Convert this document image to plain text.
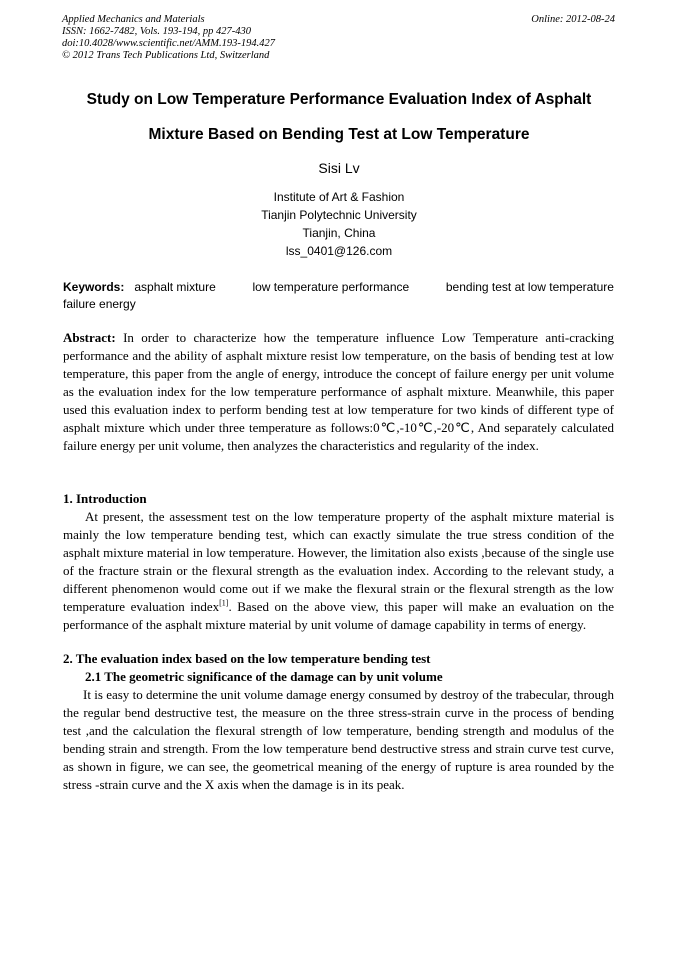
Applied Mechanics and Materials
ISSN: 1662-7482, Vols. 193-194, pp 427-430
doi:10.4028/www.scientific.net/AMM.193-194.427
© 2012 Trans Tech Publications Ltd, Switzerland
Online: 2012-08-24
Study on Low Temperature Performance Evaluation Index of Asphalt
Mixture Based on Bending Test at Low Temperature
Sisi Lv
Institute of Art & Fashion
Tianjin Polytechnic University
Tianjin, China
lss_0401@126.com
Keywords: asphalt mixture	low temperature performance	bending test at low temperature
failure energy
Abstract: In order to characterize how the temperature influence Low Temperature anti-cracking performance and the ability of asphalt mixture resist low temperature, on the basis of bending test at low temperature, this paper from the angle of energy, introduce the concept of failure energy per unit volume as the evaluation index for the low temperature performance of asphalt mixture. Meanwhile, this paper used this evaluation index to perform bending test at low temperature for two kinds of different type of asphalt mixture which under three temperature as follows:0℃,-10℃,-20℃, And separately calculated failure energy per unit volume, then analyzes the characteristics and regularity of the index.
1. Introduction
At present, the assessment test on the low temperature property of the asphalt mixture material is mainly the low temperature bending test, which can exactly simulate the true stress condition of the asphalt mixture material in low temperature. However, the limitation also exists ,because of the single use of the fracture strain or the flexural strength as the evaluation index. According to the relevant study, a different phenomenon would come out if we make the flexural strain or the flexural strength as the low temperature evaluation index[1]. Based on the above view, this paper will make an evaluation on the performance of the asphalt mixture material by unit volume of damage capability in terms of energy.
2. The evaluation index based on the low temperature bending test
2.1 The geometric significance of the damage can by unit volume
It is easy to determine the unit volume damage energy consumed by destroy of the trabecular, through the regular bend destructive test, the measure on the three stress-strain curve in the process of bending test ,and the calculation the flexural strength of low temperature, bending strength and modulus of the bending strain and strength. From the low temperature bend destructive stress and strain curve test curve, as shown in figure, we can see, the geometrical meaning of the energy of rupture is area rounded by the stress -strain curve and the X axis when the damage is in its peak.
